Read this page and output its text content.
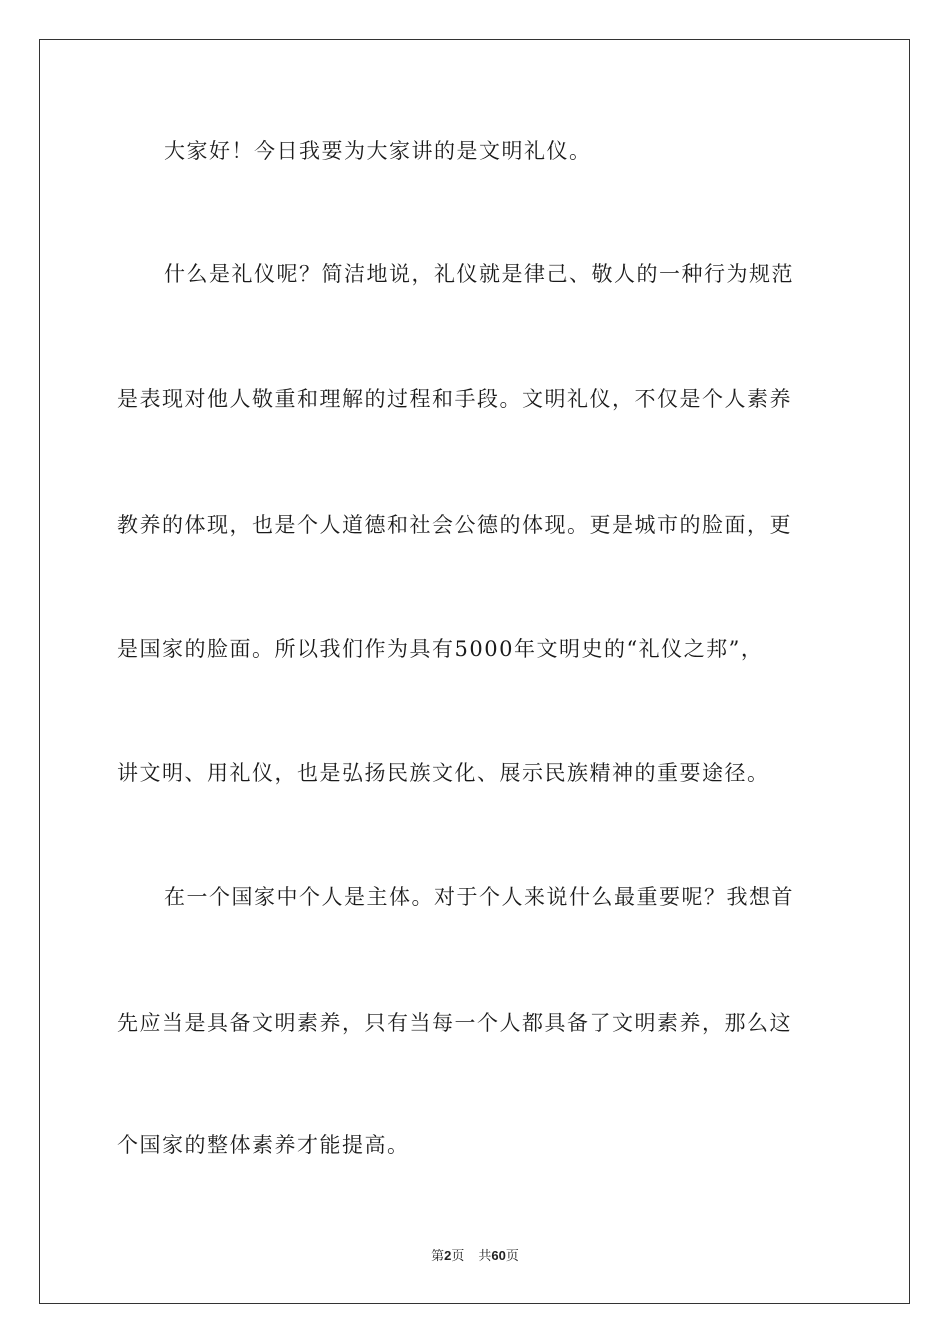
大家好！今日我要为大家讲的是文明礼仪。
什么是礼仪呢？简洁地说，礼仪就是律己、敬人的一种行为规范
是表现对他人敬重和理解的过程和手段。文明礼仪，不仅是个人素养
教养的体现，也是个人道德和社会公德的体现。更是城市的脸面，更
是国家的脸面。所以我们作为具有5000年文明史的“礼仪之邦”，
讲文明、用礼仪，也是弘扬民族文化、展示民族精神的重要途径。
在一个国家中个人是主体。对于个人来说什么最重要呢？我想首
先应当是具备文明素养，只有当每一个人都具备了文明素养，那么这
个国家的整体素养才能提高。
第2页 共60页
